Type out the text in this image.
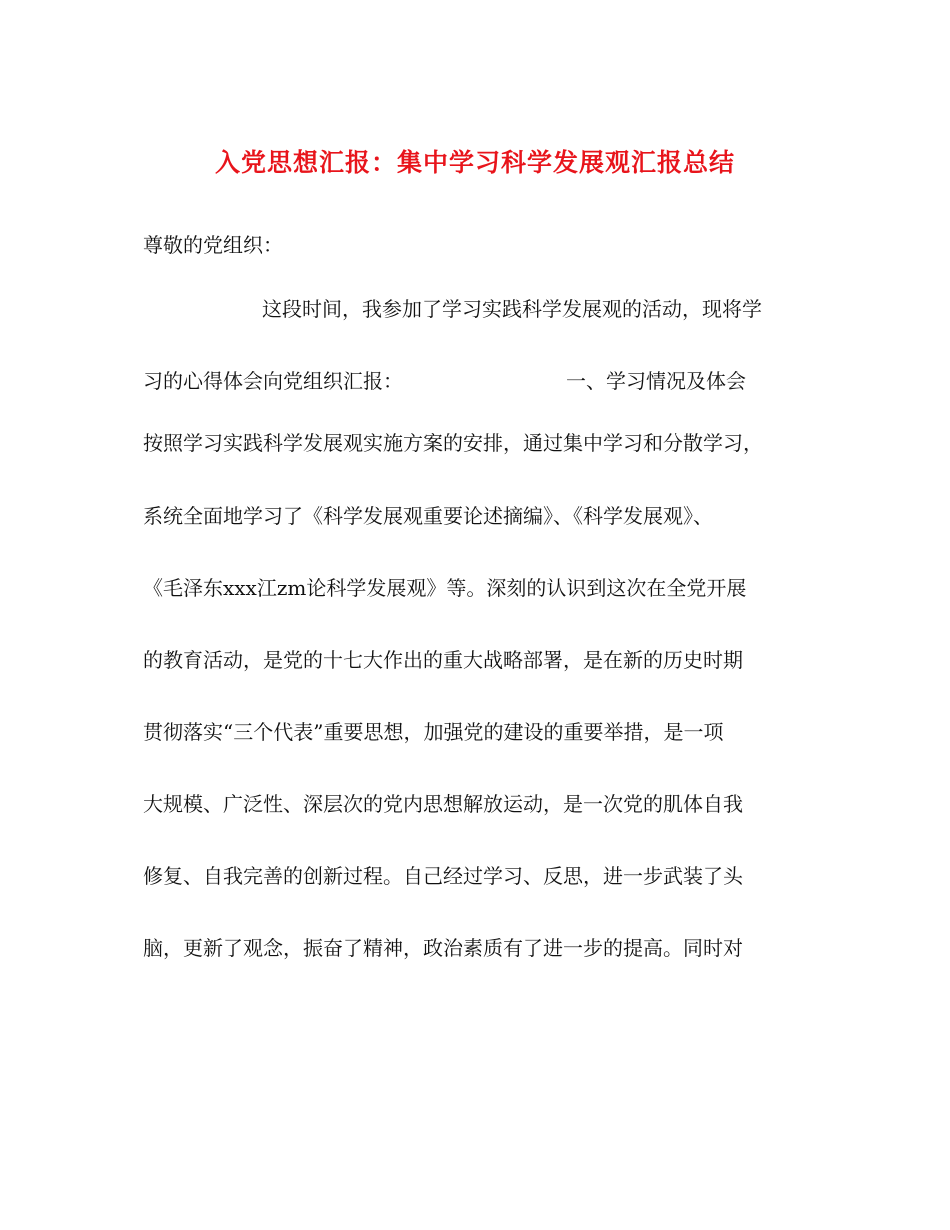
入党思想汇报：集中学习科学发展观汇报总结
尊敬的党组织：
这段时间，我参加了学习实践科学发展观的活动，现将学
习的心得体会向党组织汇报：	一、学习情况及体会
按照学习实践科学发展观实施方案的安排，通过集中学习和分散学习，
系统全面地学习了《科学发展观重要论述摘编》、《科学发展观》、
《毛泽东xxx江zm论科学发展观》等。深刻的认识到这次在全党开展
的教育活动，是党的十七大作出的重大战略部署，是在新的历史时期
贯彻落实“三个代表”重要思想，加强党的建设的重要举措，是一项
大规模、广泛性、深层次的党内思想解放运动，是一次党的肌体自我
修复、自我完善的创新过程。自己经过学习、反思，进一步武装了头
脑，更新了观念，振奋了精神，政治素质有了进一步的提高。同时对
